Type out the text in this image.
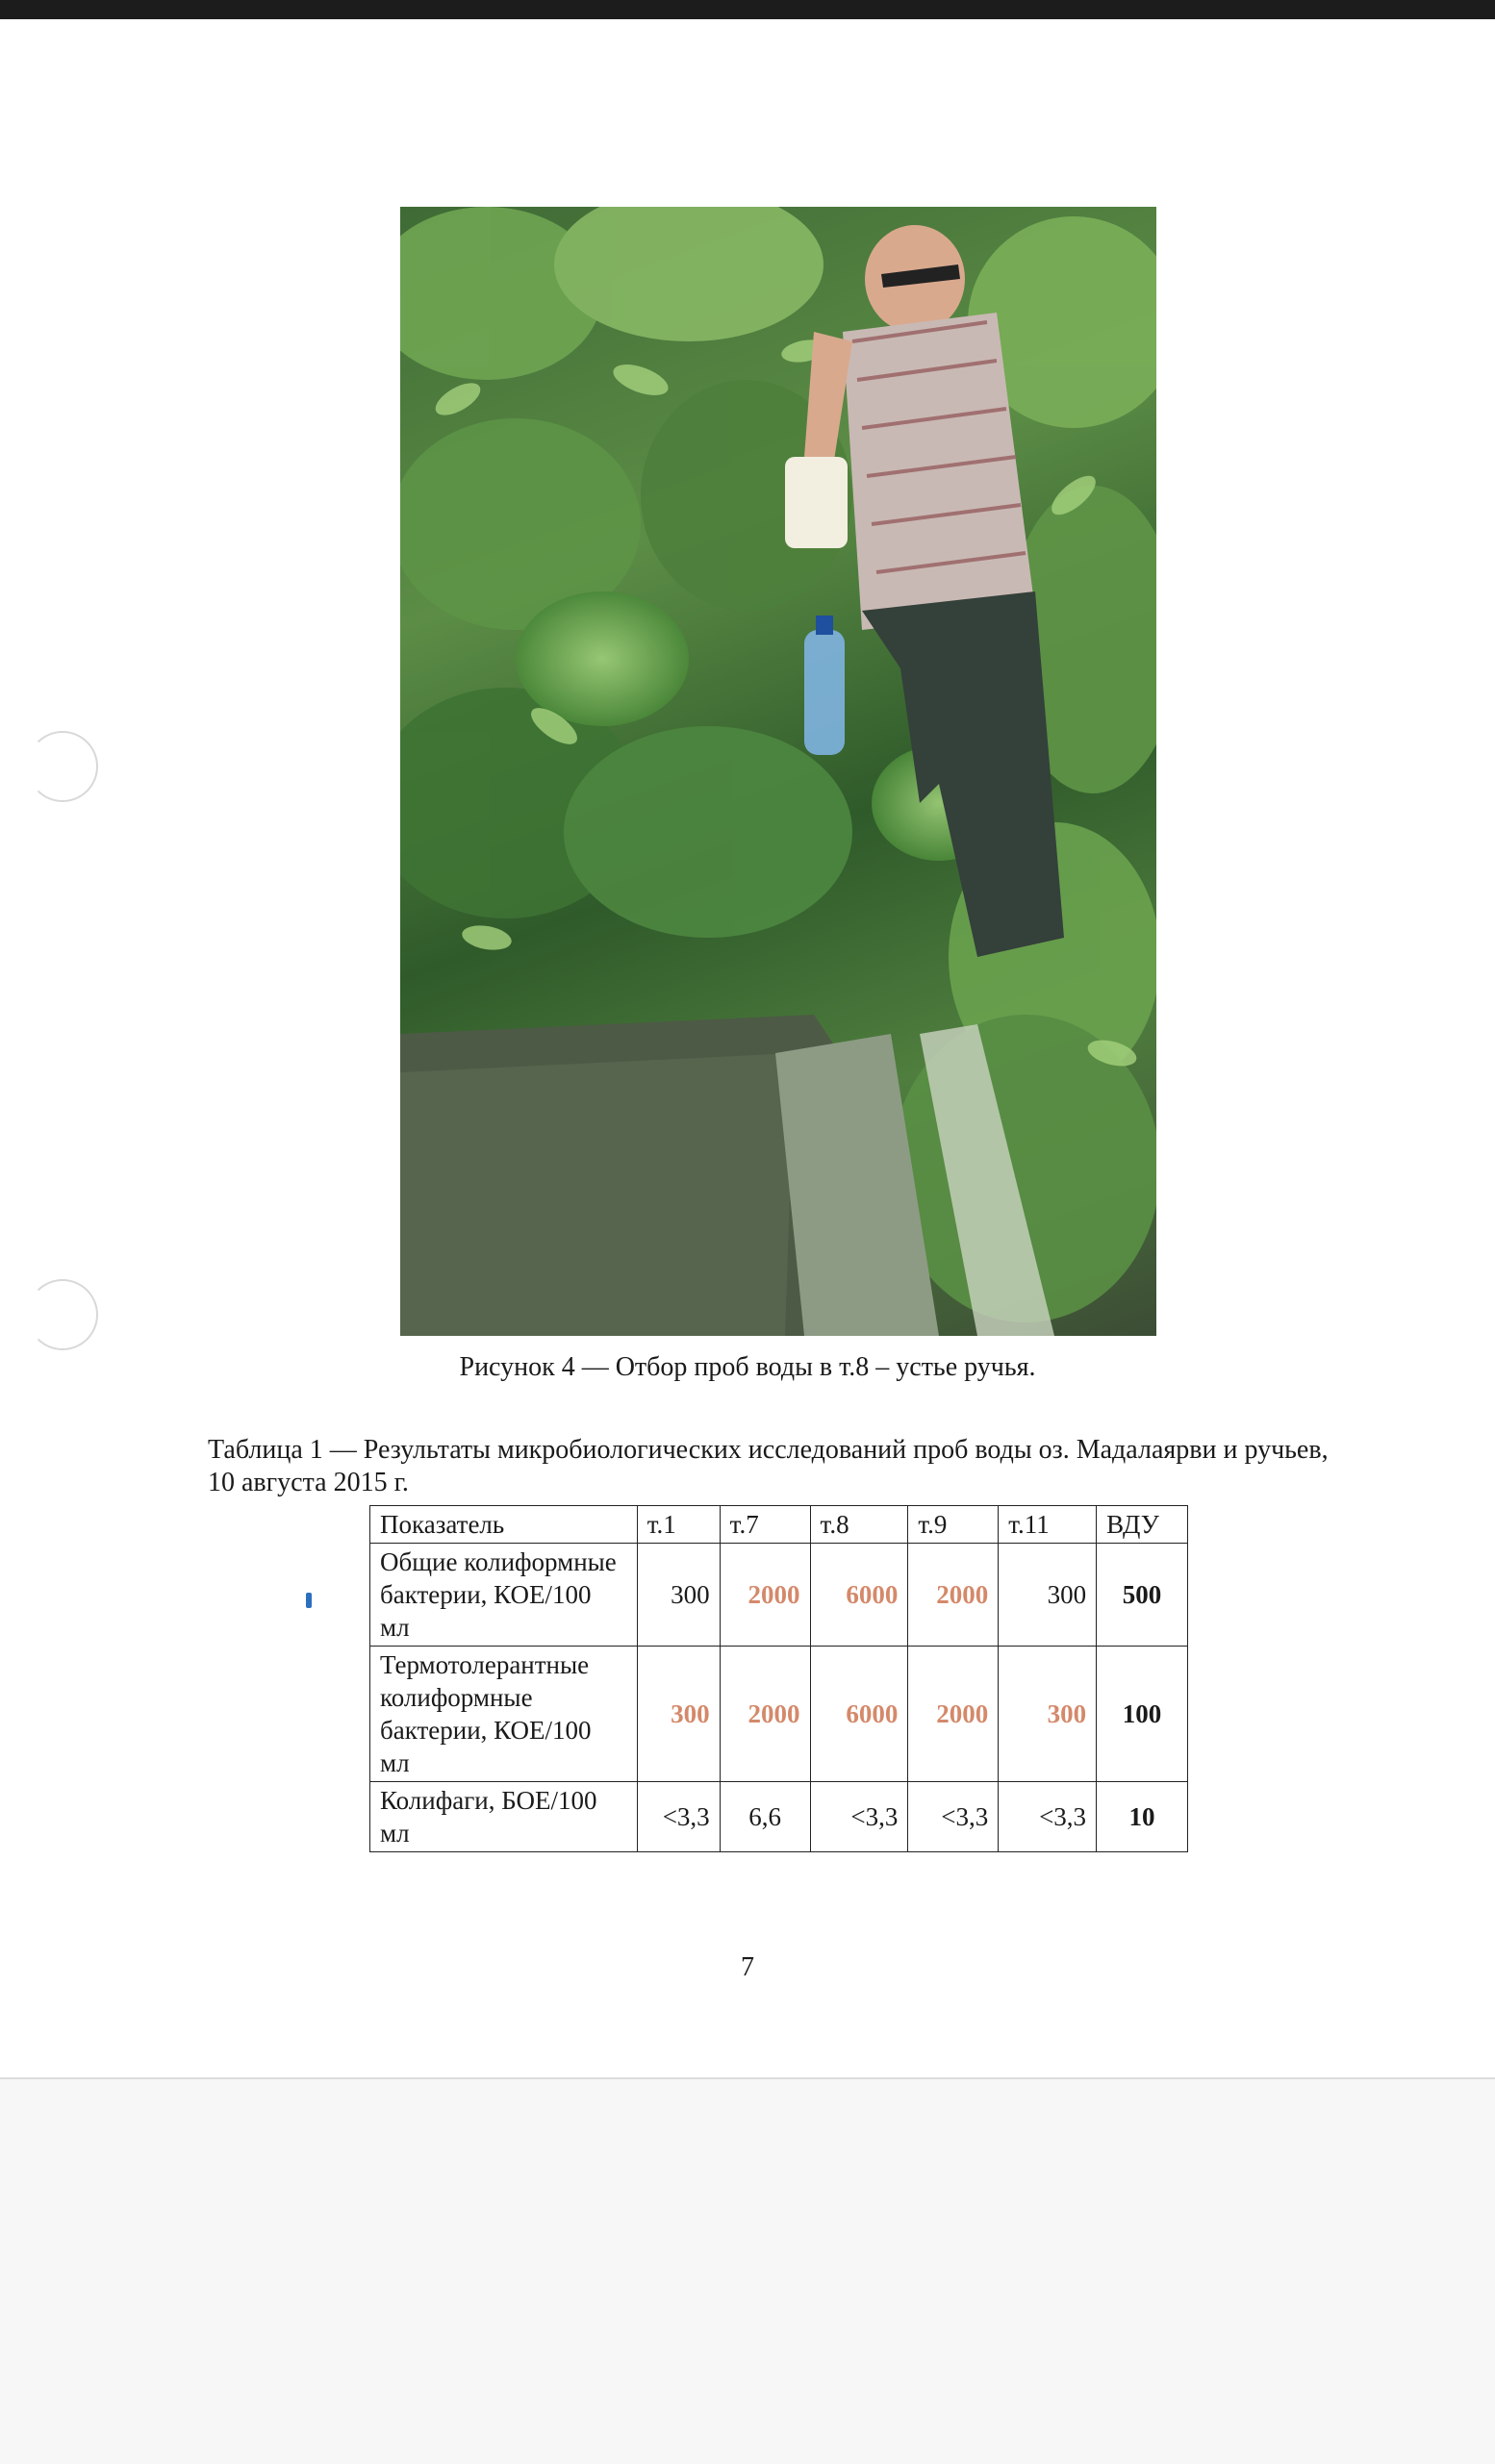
Рисунок 4 — Отбор проб воды в т.8 – устье ручья.
Таблица 1 — Результаты микробиологических исследований проб воды оз. Мадалаярви и ручьев, 10 августа 2015 г.
Показатель	т.1	т.7	т.8	т.9	т.11	ВДУ
Общие колиформные бактерии, КОЕ/100 мл	300	2000	6000	2000	300	500
Термотолерантные колиформные бактерии, КОЕ/100 мл	300	2000	6000	2000	300	100
Колифаги, БОЕ/100 мл	<3,3	6,6	<3,3	<3,3	<3,3	10
7
